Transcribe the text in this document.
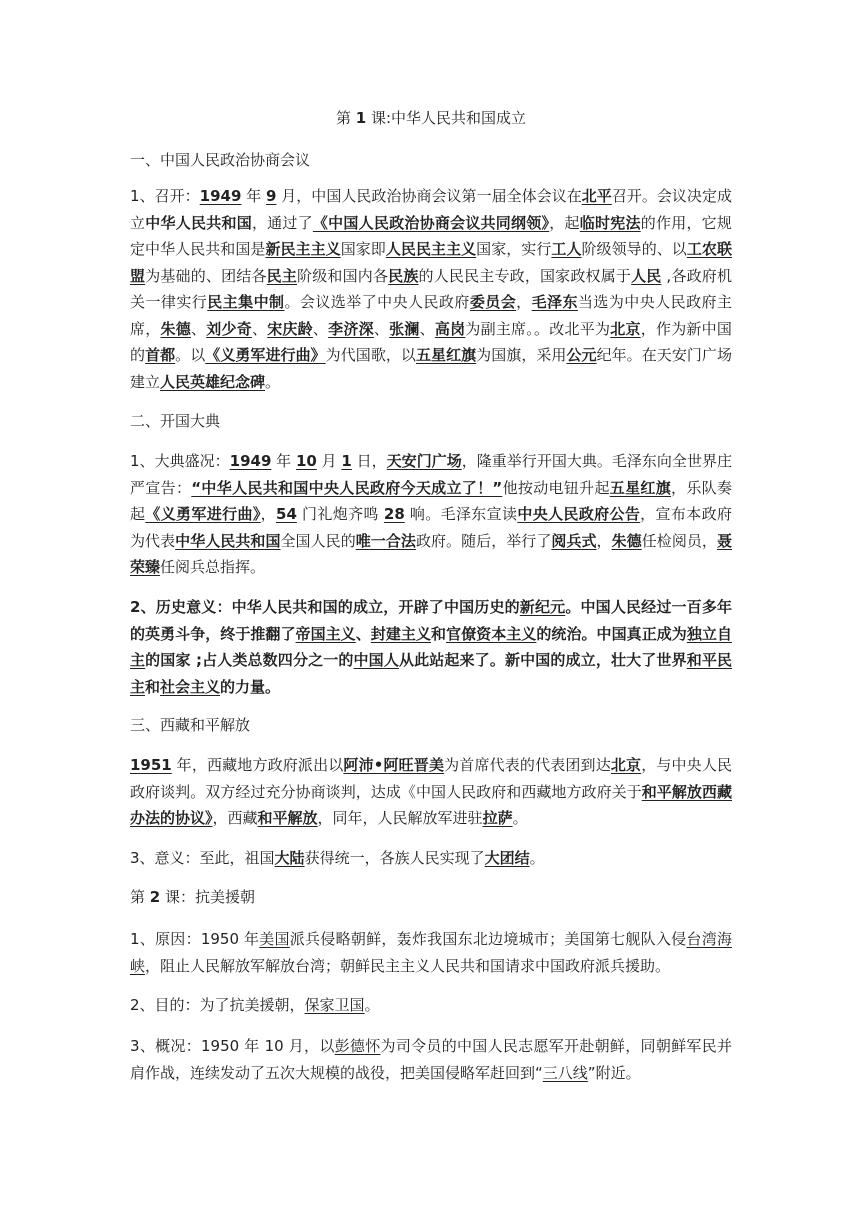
第 1 课:中华人民共和国成立

一、中国人民政治协商会议

1、召开：1949 年 9 月，中国人民政治协商会议第一届全体会议在北平召开。会议决定成立中华人民共和国，通过了《中国人民政治协商会议共同纲领》，起临时宪法的作用，它规定中华人民共和国是新民主主义国家即人民民主主义国家，实行工人阶级领导的、以工农联盟为基础的、团结各民主阶级和国内各民族的人民民主专政，国家政权属于人民 ,各政府机关一律实行民主集中制。会议选举了中央人民政府委员会，毛泽东当选为中央人民政府主席，朱德、刘少奇、宋庆龄、李济深、张澜、高岗为副主席。。改北平为北京，作为新中国的首都。以《义勇军进行曲》为代国歌，以五星红旗为国旗，采用公元纪年。在天安门广场建立人民英雄纪念碑。

二、开国大典

1、大典盛况：1949 年 10 月 1 日，天安门广场，隆重举行开国大典。毛泽东向全世界庄严宣告：“中华人民共和国中央人民政府今天成立了！”他按动电钮升起五星红旗，乐队奏起《义勇军进行曲》，54 门礼炮齐鸣 28 响。毛泽东宣读中央人民政府公告，宣布本政府为代表中华人民共和国全国人民的唯一合法政府。随后，举行了阅兵式，朱德任检阅员，聂荣臻任阅兵总指挥。

2、历史意义：中华人民共和国的成立，开辟了中国历史的新纪元。中国人民经过一百多年的英勇斗争，终于推翻了帝国主义、封建主义和官僚资本主义的统治。中国真正成为独立自主的国家 ;占人类总数四分之一的中国人从此站起来了。新中国的成立，壮大了世界和平民主和社会主义的力量。

三、西藏和平解放

1951 年，西藏地方政府派出以阿沛•阿旺晋美为首席代表的代表团到达北京，与中央人民政府谈判。双方经过充分协商谈判，达成《中国人民政府和西藏地方政府关于和平解放西藏办法的协议》，西藏和平解放，同年，人民解放军进驻拉萨。

3、意义：至此，祖国大陆获得统一，各族人民实现了大团结。

第 2 课：抗美援朝

1、原因：1950 年美国派兵侵略朝鲜，轰炸我国东北边境城市；美国第七舰队入侵台湾海峡，阻止人民解放军解放台湾；朝鲜民主主义人民共和国请求中国政府派兵援助。

2、目的：为了抗美援朝，保家卫国。

3、概况：1950 年 10 月，以彭德怀为司令员的中国人民志愿军开赴朝鲜，同朝鲜军民并肩作战，连续发动了五次大规模的战役，把美国侵略军赶回到“三八线”附近。
